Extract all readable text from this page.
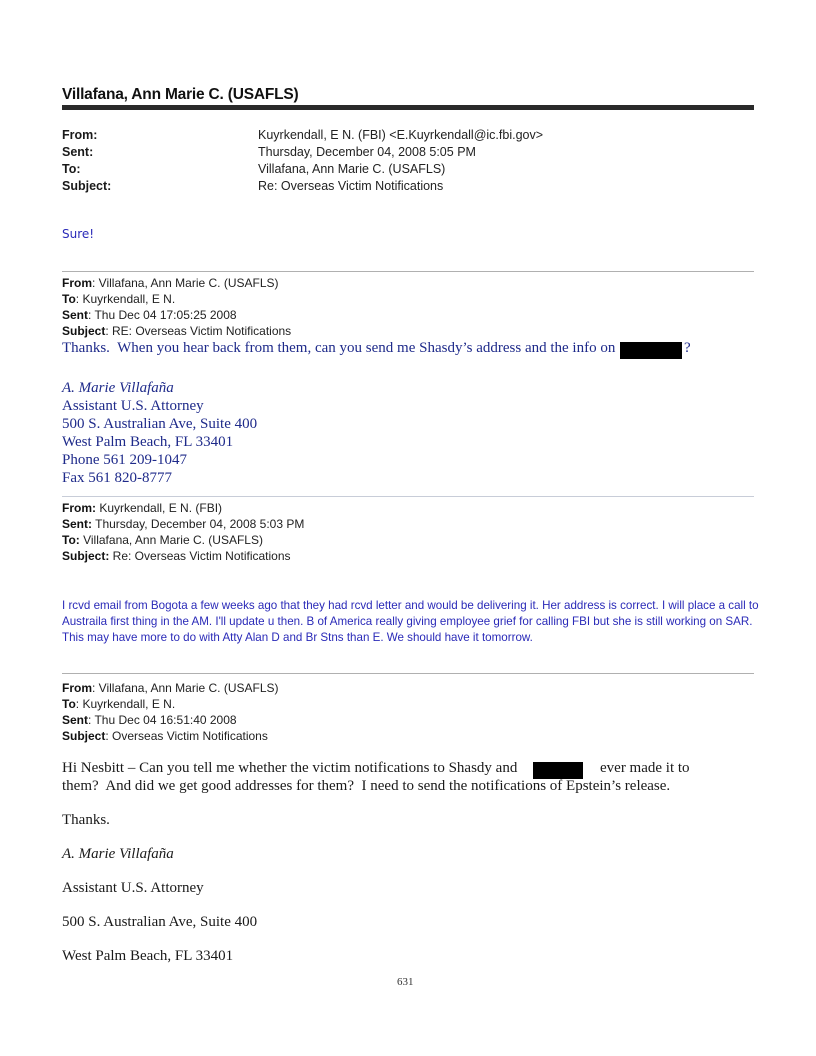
Villafana, Ann Marie C. (USAFLS)
From:	Kuyrkendall, E N. (FBI) <E.Kuyrkendall@ic.fbi.gov>
Sent:	Thursday, December 04, 2008 5:05 PM
To:	Villafana, Ann Marie C. (USAFLS)
Subject:	Re: Overseas Victim Notifications
Sure!
From: Villafana, Ann Marie C. (USAFLS)
To: Kuyrkendall, E N.
Sent: Thu Dec 04 17:05:25 2008
Subject: RE: Overseas Victim Notifications
Thanks.  When you hear back from them, can you send me Shasdy’s address and the info on	?
A. Marie Villafaña
Assistant U.S. Attorney
500 S. Australian Ave, Suite 400
West Palm Beach, FL 33401
Phone 561 209-1047
Fax 561 820-8777
From: Kuyrkendall, E N. (FBI)
Sent: Thursday, December 04, 2008 5:03 PM
To: Villafana, Ann Marie C. (USAFLS)
Subject: Re: Overseas Victim Notifications
I rcvd email from Bogota a few weeks ago that they had rcvd letter and would be delivering it. Her address is correct. I will place a call to Austraila first thing in the AM. I'll update u then. B of America really giving employee grief for calling FBI but she is still working on SAR. This may have more to do with Atty Alan D and Br Stns than E. We should have it tomorrow.
From: Villafana, Ann Marie C. (USAFLS)
To: Kuyrkendall, E N.
Sent: Thu Dec 04 16:51:40 2008
Subject: Overseas Victim Notifications
Hi Nesbitt – Can you tell me whether the victim notifications to Shasdy and	ever made it to
them?  And did we get good addresses for them?  I need to send the notifications of Epstein’s release.
Thanks.
A. Marie Villafaña
Assistant U.S. Attorney
500 S. Australian Ave, Suite 400
West Palm Beach, FL 33401
631
